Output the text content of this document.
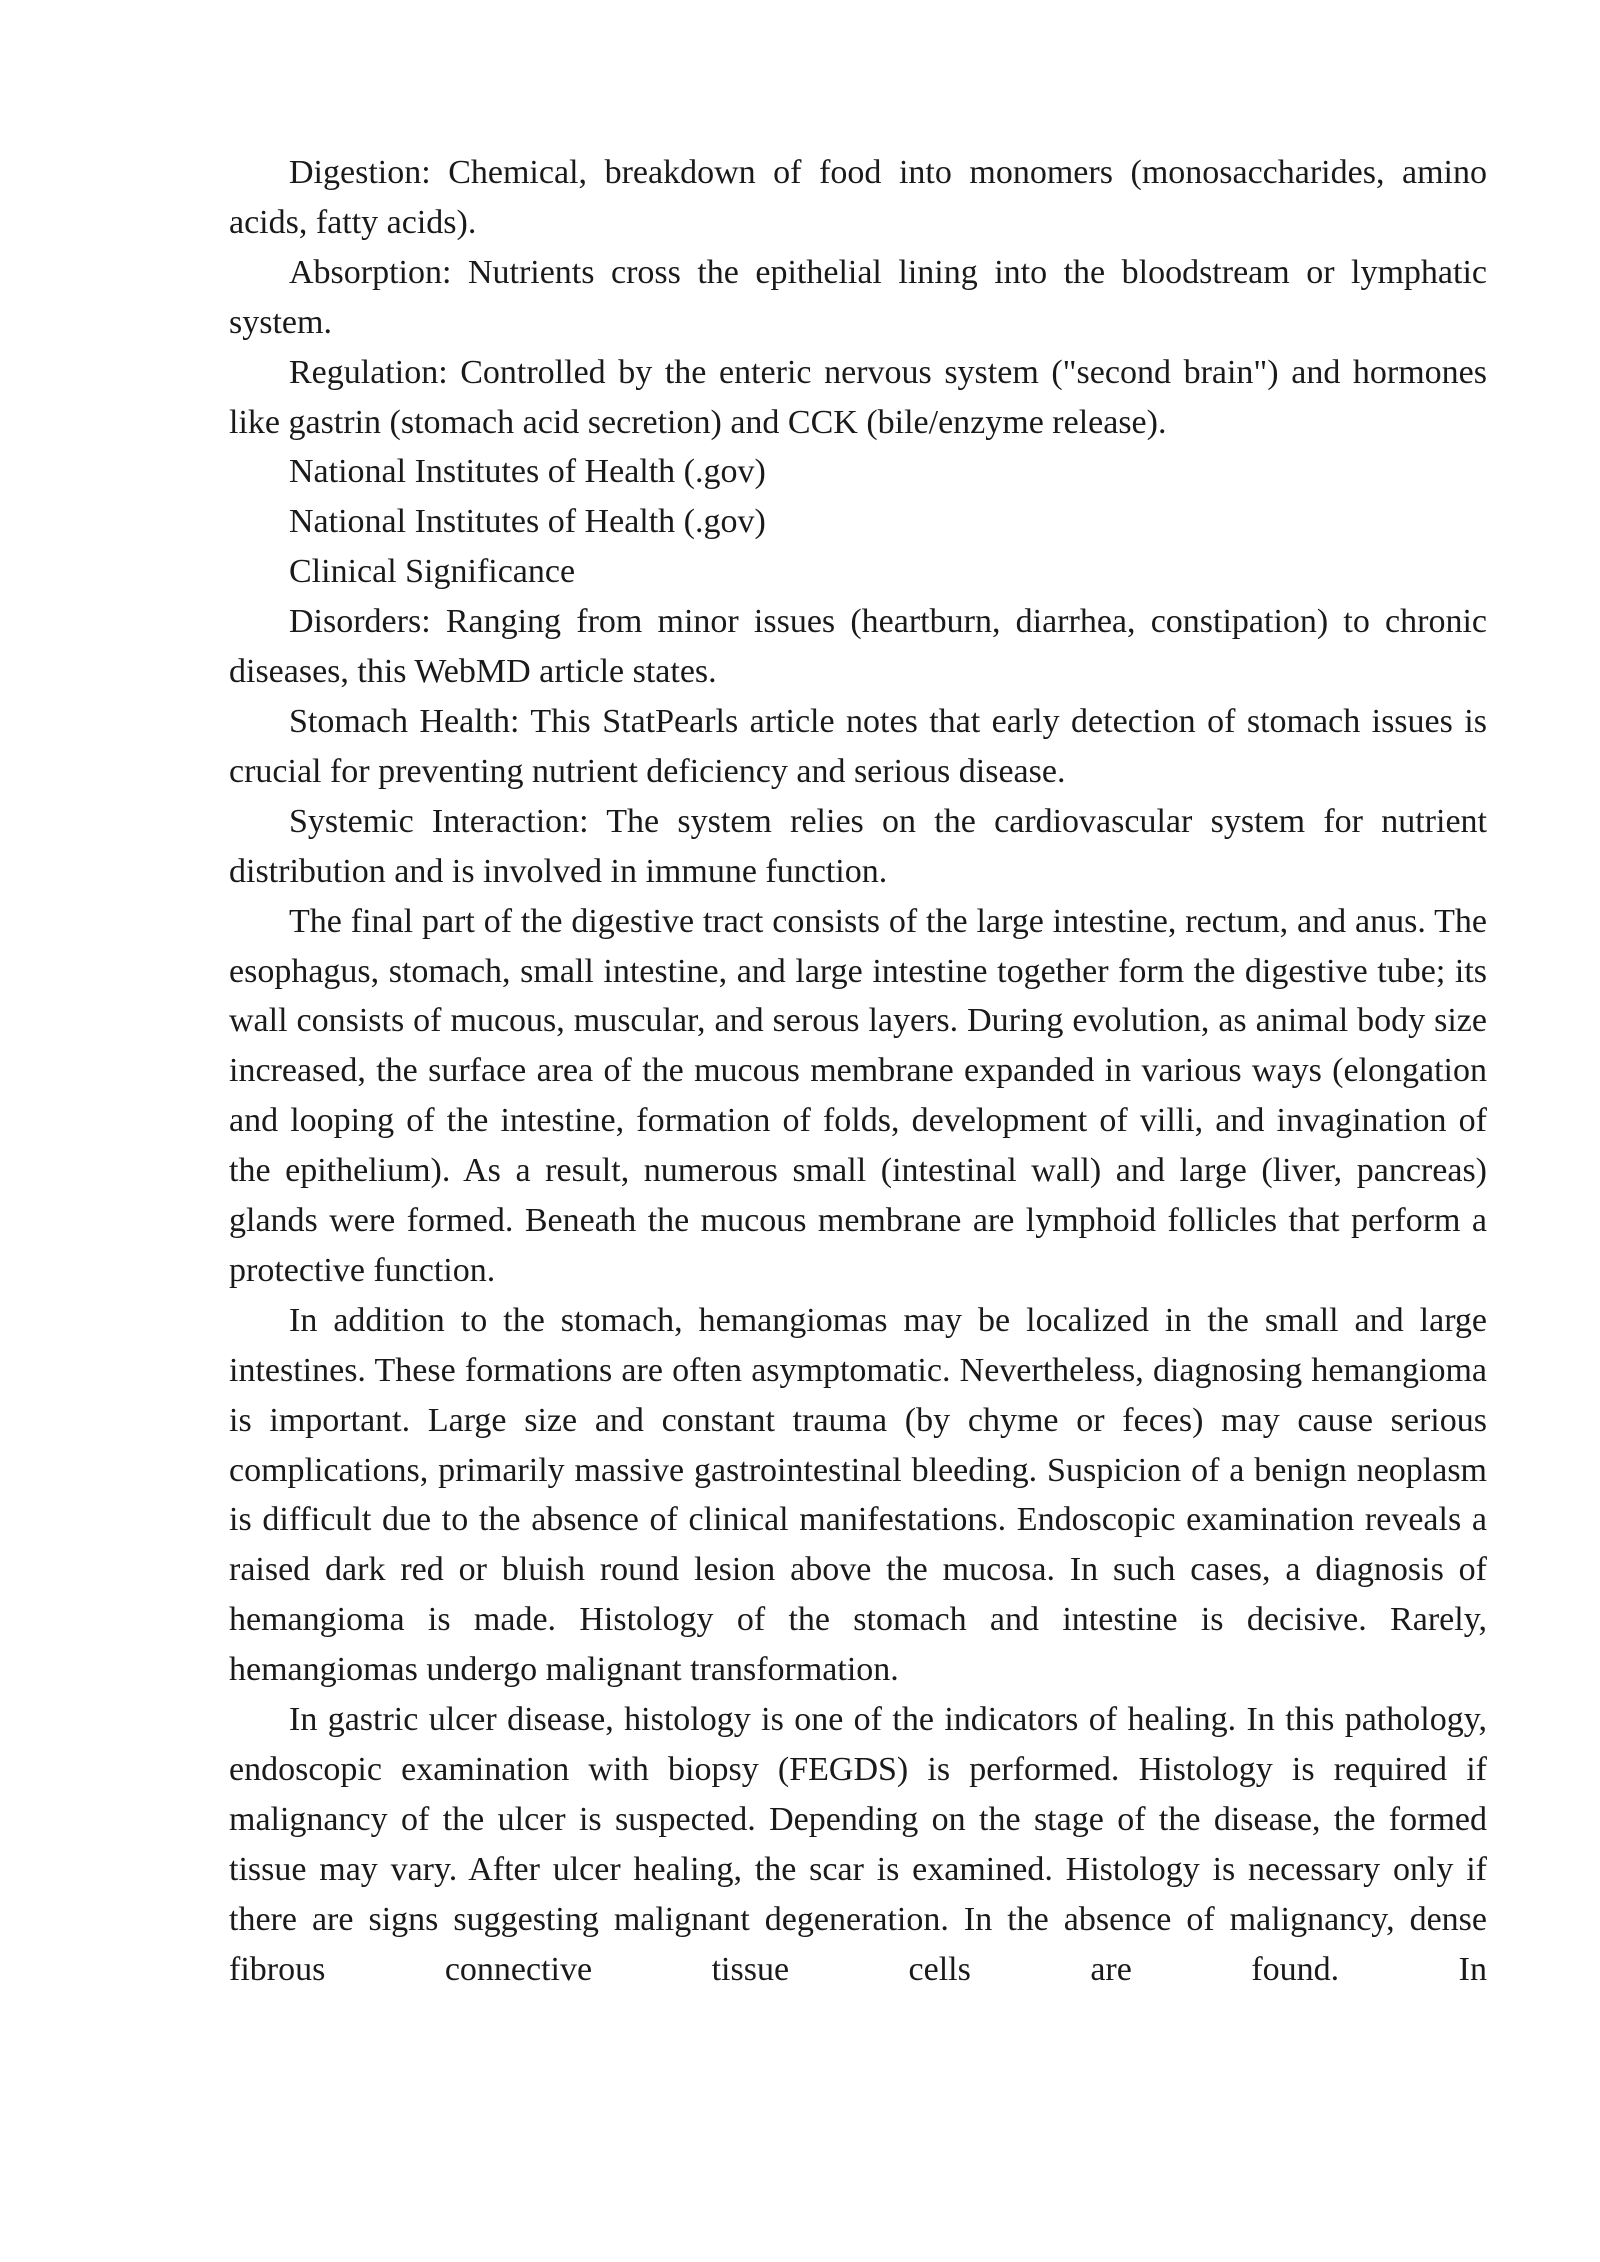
Digestion: Chemical, breakdown of food into monomers (monosaccharides, amino acids, fatty acids).

Absorption: Nutrients cross the epithelial lining into the bloodstream or lymphatic system.

Regulation: Controlled by the enteric nervous system ("second brain") and hormones like gastrin (stomach acid secretion) and CCK (bile/enzyme release).

National Institutes of Health (.gov)

National Institutes of Health (.gov)

Clinical Significance

Disorders: Ranging from minor issues (heartburn, diarrhea, constipation) to chronic diseases, this WebMD article states.

Stomach Health: This StatPearls article notes that early detection of stomach issues is crucial for preventing nutrient deficiency and serious disease.

Systemic Interaction: The system relies on the cardiovascular system for nutrient distribution and is involved in immune function.

The final part of the digestive tract consists of the large intestine, rectum, and anus. The esophagus, stomach, small intestine, and large intestine together form the digestive tube; its wall consists of mucous, muscular, and serous layers. During evolution, as animal body size increased, the surface area of the mucous membrane expanded in various ways (elongation and looping of the intestine, formation of folds, development of villi, and invagination of the epithelium). As a result, numerous small (intestinal wall) and large (liver, pancreas) glands were formed. Beneath the mucous membrane are lymphoid follicles that perform a protective function.

In addition to the stomach, hemangiomas may be localized in the small and large intestines. These formations are often asymptomatic. Nevertheless, diagnosing hemangioma is important. Large size and constant trauma (by chyme or feces) may cause serious complications, primarily massive gastrointestinal bleeding. Suspicion of a benign neoplasm is difficult due to the absence of clinical manifestations. Endoscopic examination reveals a raised dark red or bluish round lesion above the mucosa. In such cases, a diagnosis of hemangioma is made. Histology of the stomach and intestine is decisive. Rarely, hemangiomas undergo malignant transformation.

In gastric ulcer disease, histology is one of the indicators of healing. In this pathology, endoscopic examination with biopsy (FEGDS) is performed. Histology is required if malignancy of the ulcer is suspected. Depending on the stage of the disease, the formed tissue may vary. After ulcer healing, the scar is examined. Histology is necessary only if there are signs suggesting malignant degeneration. In the absence of malignancy, dense fibrous connective tissue cells are found. In
